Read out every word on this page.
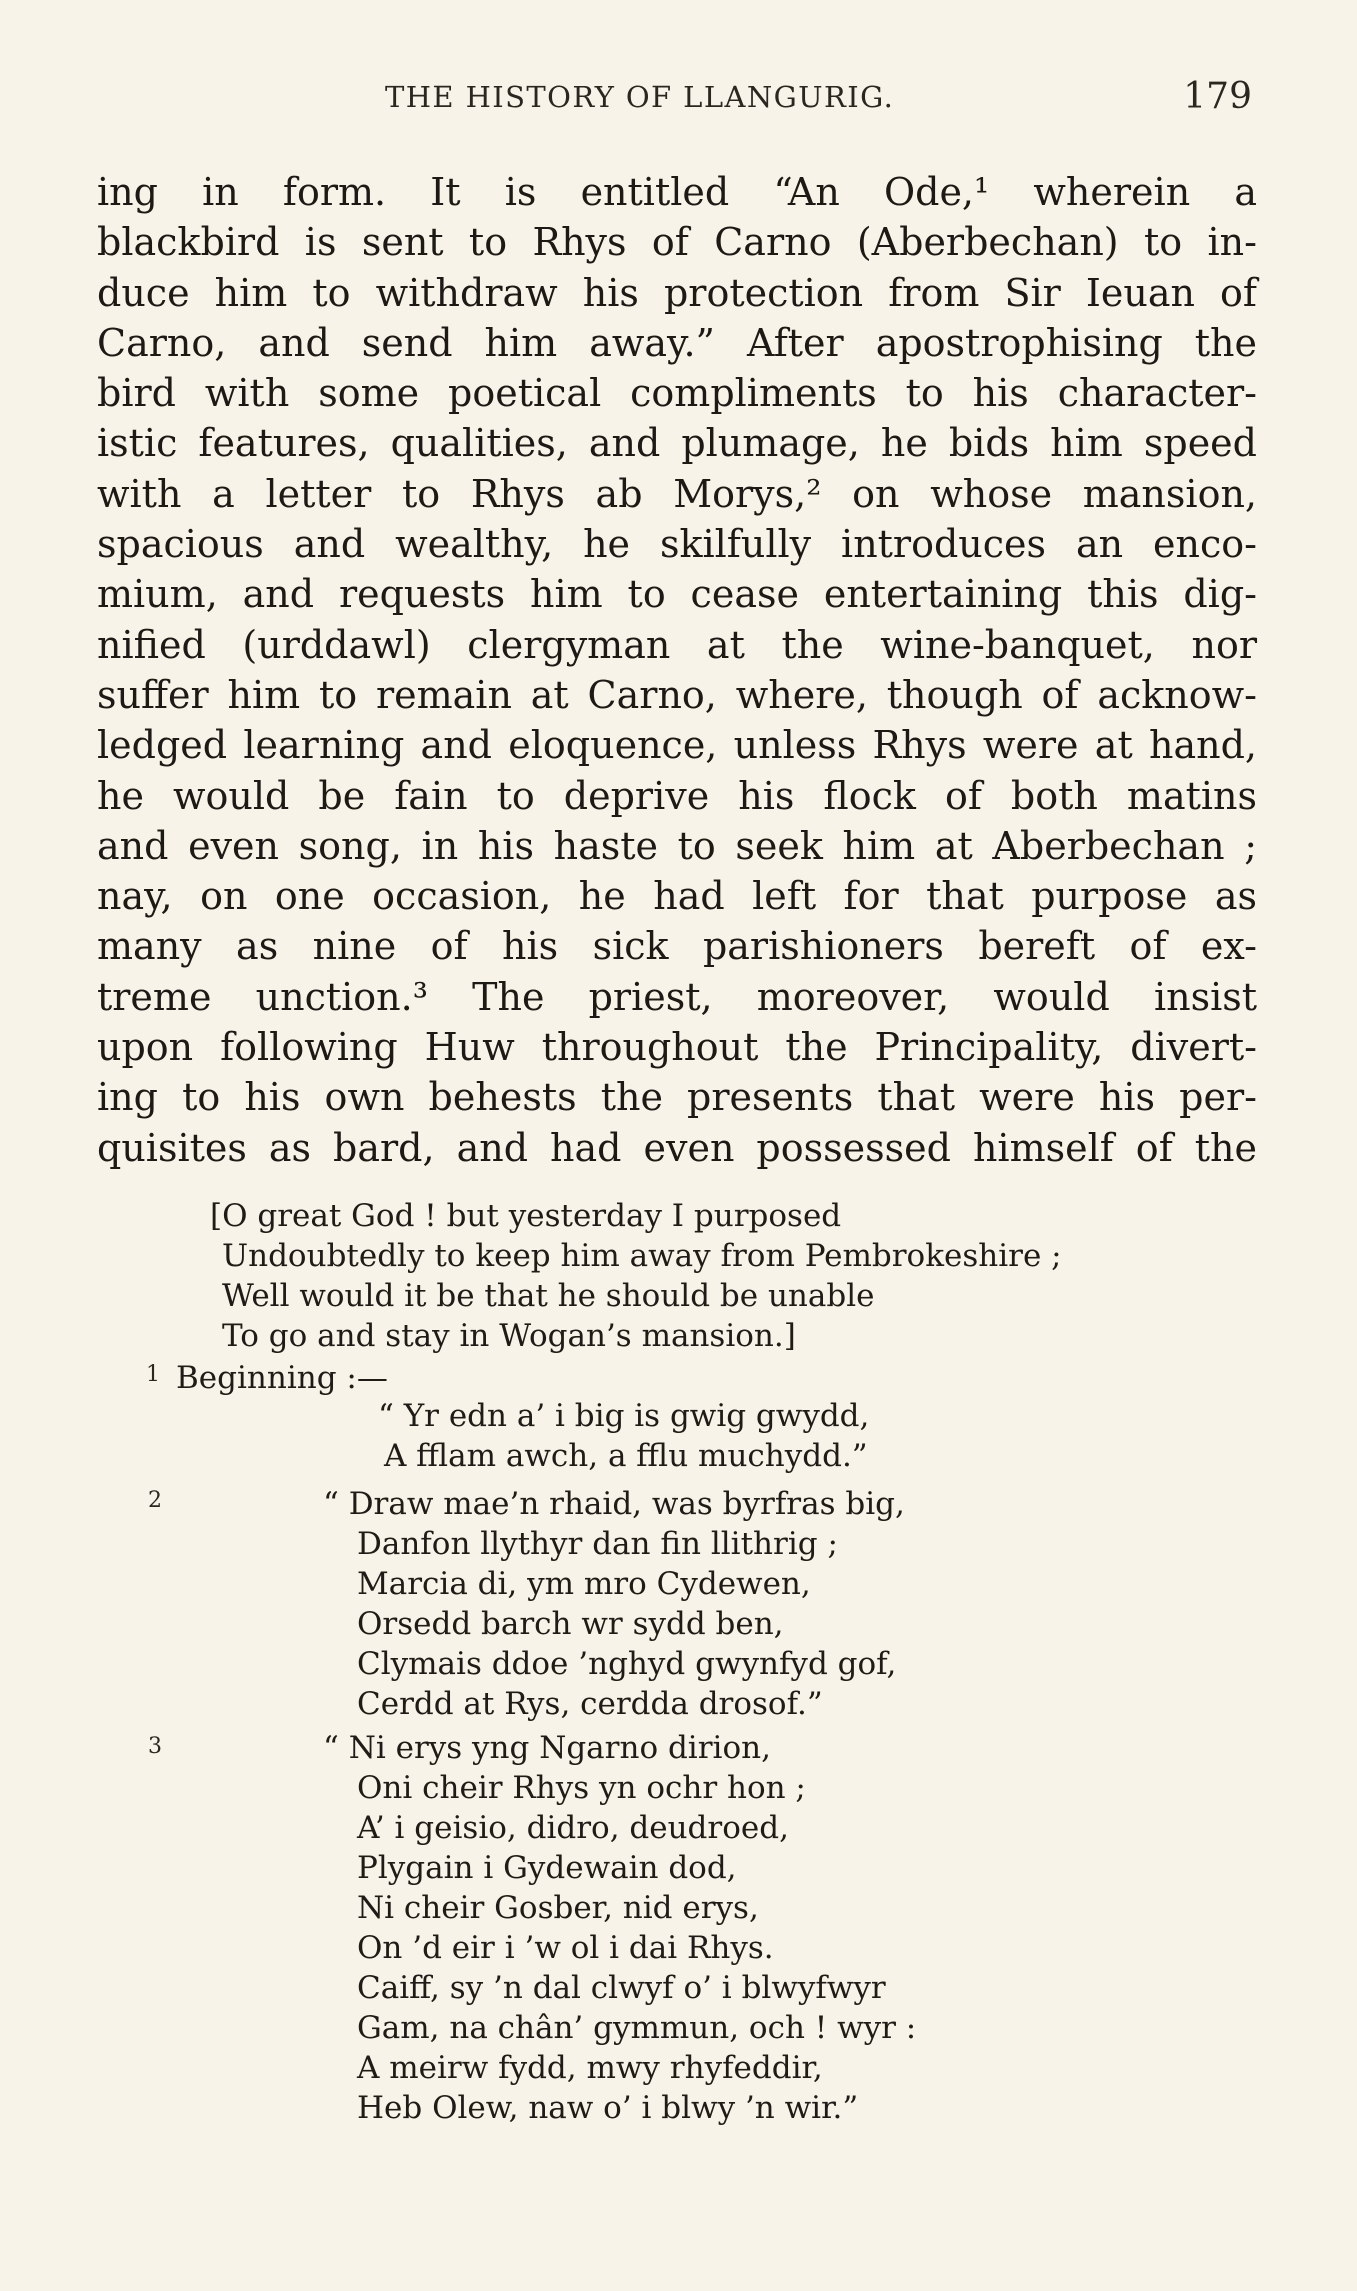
THE HISTORY OF LLANGURIG.	179
ing in form. It is entitled “An Ode,¹ wherein a
blackbird is sent to Rhys of Carno (Aberbechan) to in-
duce him to withdraw his protection from Sir Ieuan of
Carno, and send him away.” After apostrophising the
bird with some poetical compliments to his character-
istic features, qualities, and plumage, he bids him speed
with a letter to Rhys ab Morys,² on whose mansion,
spacious and wealthy, he skilfully introduces an enco-
mium, and requests him to cease entertaining this dig-
nified (urddawl) clergyman at the wine-banquet, nor
suffer him to remain at Carno, where, though of acknow-
ledged learning and eloquence, unless Rhys were at hand,
he would be fain to deprive his flock of both matins
and even song, in his haste to seek him at Aberbechan ;
nay, on one occasion, he had left for that purpose as
many as nine of his sick parishioners bereft of ex-
treme unction.³ The priest, moreover, would insist
upon following Huw throughout the Principality, divert-
ing to his own behests the presents that were his per-
quisites as bard, and had even possessed himself of the
[O great God ! but yesterday I purposed
Undoubtedly to keep him away from Pembrokeshire ;
Well would it be that he should be unable
To go and stay in Wogan’s mansion.]
1 Beginning :—
“ Yr edn a’ i big is gwig gwydd,
A fflam awch, a fflu muchydd.”
2	“ Draw mae’n rhaid, was byrfras big,
Danfon llythyr dan fin llithrig ;
Marcia di, ym mro Cydewen,
Orsedd barch wr sydd ben,
Clymais ddoe ’nghyd gwynfyd gof,
Cerdd at Rys, cerdda drosof.”
3	“ Ni erys yng Ngarno dirion,
Oni cheir Rhys yn ochr hon ;
A’ i geisio, didro, deudroed,
Plygain i Gydewain dod,
Ni cheir Gosber, nid erys,
On ’d eir i ’w ol i dai Rhys.
Caiff, sy ’n dal clwyf o’ i blwyfwyr
Gam, na chân’ gymmun, och ! wyr :
A meirw fydd, mwy rhyfeddir,
Heb Olew, naw o’ i blwy ’n wir.”
